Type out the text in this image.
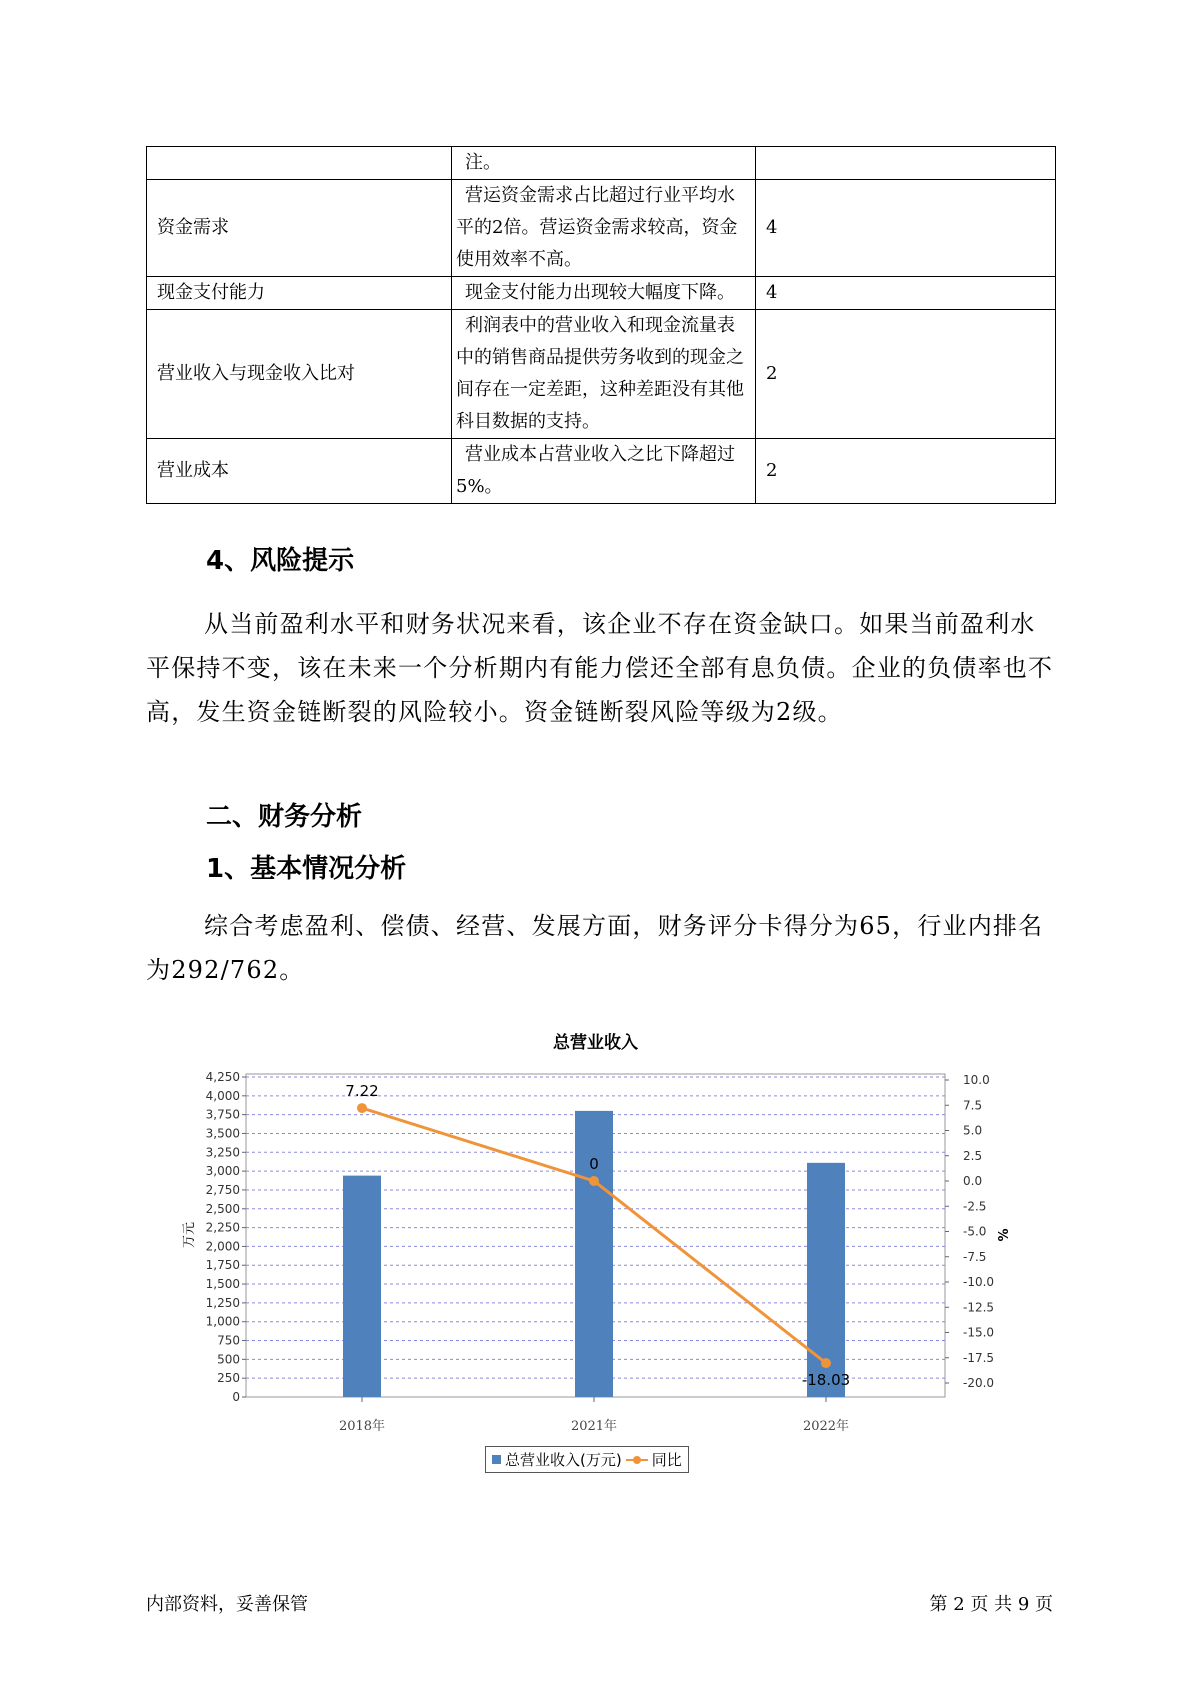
	注。	
资金需求	营运资金需求占比超过行业平均水平的2倍。营运资金需求较高，资金使用效率不高。	4
现金支付能力	现金支付能力出现较大幅度下降。	4
营业收入与现金收入比对	利润表中的营业收入和现金流量表中的销售商品提供劳务收到的现金之间存在一定差距，这种差距没有其他科目数据的支持。	2
营业成本	营业成本占营业收入之比下降超过5%。	2
4、风险提示
从当前盈利水平和财务状况来看，该企业不存在资金缺口。如果当前盈利水平保持不变，该在未来一个分析期内有能力偿还全部有息负债。企业的负债率也不高，发生资金链断裂的风险较小。资金链断裂风险等级为2级。
二、财务分析
1、基本情况分析
综合考虑盈利、偿债、经营、发展方面，财务评分卡得分为65，行业内排名为292/762。
总营业收入
0
250
500
750
1,000
1,250
1,500
1,750
2,000
2,250
2,500
2,750
3,000
3,250
3,500
3,750
4,000
4,250	10.0
7.5
5.0
2.5
0.0
-2.5
-5.0
-7.5
-10.0
-12.5
-15.0
-17.5
-20.0
万元	%
2018年	2021年	2022年
7.22
0
-18.03
总营业收入(万元) 同比
内部资料，妥善保管	第 2 页 共 9 页
